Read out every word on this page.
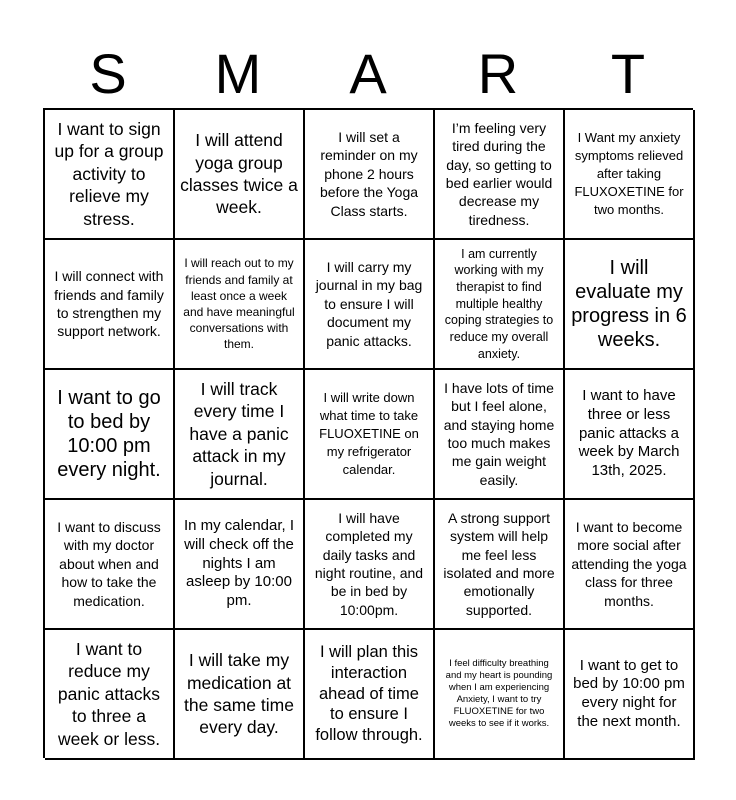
S	M	A	R	T
I want to sign up for a group activity to relieve my stress.
I will attend yoga group classes twice a week.
I will set a reminder on my phone 2 hours before the Yoga Class starts.
I’m feeling very tired during the day, so getting to bed earlier would decrease my tiredness.
I Want my anxiety symptoms relieved after taking FLUXOXETINE for two months.
I will connect with friends and family to strengthen my support network.
I will reach out to my friends and family at least once a week and have meaningful conversations with them.
I will carry my journal in my bag to ensure I will document my panic attacks.
I am currently working with my therapist to find multiple healthy coping strategies to reduce my overall anxiety.
I will evaluate my progress in 6 weeks.
I want to go to bed by 10:00 pm every night.
I will track every time I have a panic attack in my journal.
I will write down what time to take FLUOXETINE on my refrigerator calendar.
I have lots of time but I feel alone, and staying home too much makes me gain weight easily.
I want to have three or less panic attacks a week by March 13th, 2025.
I want to discuss with my doctor about when and how to take the medication.
In my calendar, I will check off the nights I am asleep by 10:00 pm.
I will have completed my daily tasks and night routine, and be in bed by 10:00pm.
A strong support system will help me feel less isolated and more emotionally supported.
I want to become more social after attending the yoga class for three months.
I want to reduce my panic attacks to three a week or less.
I will take my medication at the same time every day.
I will plan this interaction ahead of time to ensure I follow through.
I feel difficulty breathing and my heart is pounding when I am experiencing Anxiety, I want to try FLUOXETINE for two weeks to see if it works.
I want to get to bed by 10:00 pm every night for the next month.
